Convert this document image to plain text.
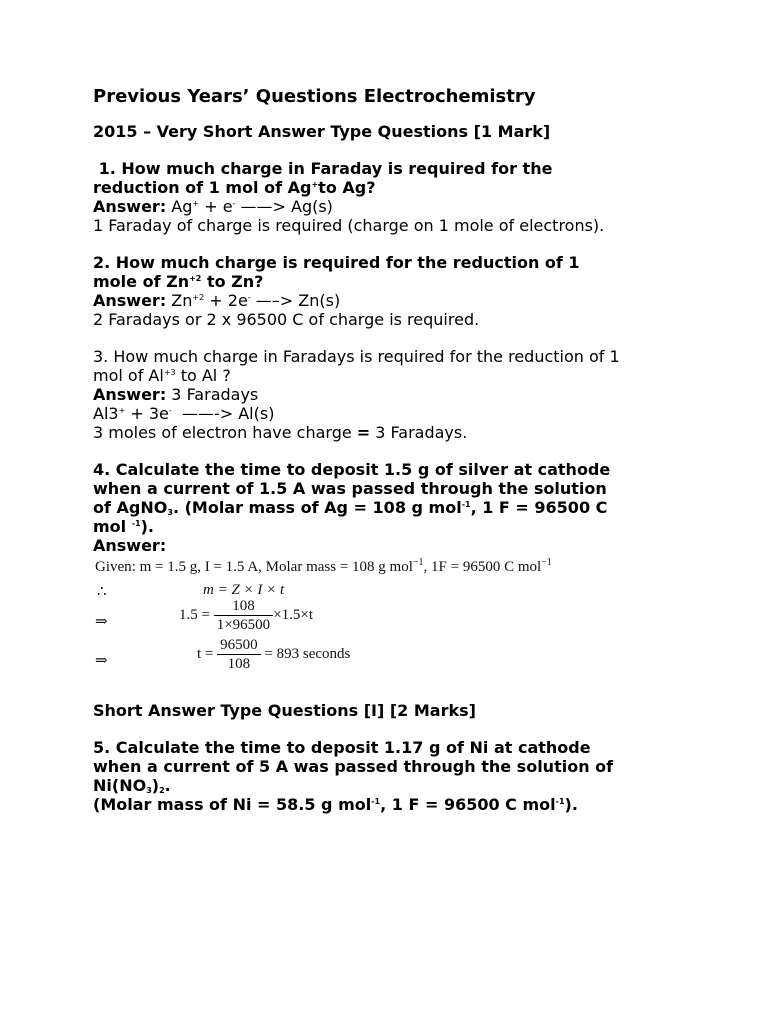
Previous Years’ Questions Electrochemistry
2015 – Very Short Answer Type Questions [1 Mark]
1. How much charge in Faraday is required for the
reduction of 1 mol of Ag+to Ag?
Answer: Ag+ + e- ——> Ag(s)
1 Faraday of charge is required (charge on 1 mole of electrons).
2. How much charge is required for the reduction of 1
mole of $Zn^{+2}$ to Zn?
Answer: $Zn^{+2} + 2e^-$ —–> Zn(s)
2 Faradays or 2 x 96500 C of charge is required.
3. How much charge in Faradays is required for the reduction of 1
mol of $Al^{+3}$ to Al ?
Answer: 3 Faradays
Al3+ + 3e-  ——-> Al(s)
3 moles of electron have charge = 3 Faradays.
4. Calculate the time to deposit 1.5 g of silver at cathode
when a current of 1.5 A was passed through the solution
of AgNO$_3$. (Molar mass of Ag = 108 g mol$^{-1}$, 1 F = 96500 C
mol $^{-1}$).
Answer:
Given: m = 1.5 g, I = 1.5 A, Molar mass = 108 g mol$^{-1}$, 1F = 96500 C mol$^{-1}$
∴	m = Z × I × t
⇒	$1.5 = \frac{108}{1\times 96500} \times 1.5\times t$
⇒	$t = \frac{96500}{108} = 893$ seconds
Short Answer Type Questions [I] [2 Marks]
5. Calculate the time to deposit 1.17 g of Ni at cathode
when a current of 5 A was passed through the solution of
$Ni(NO_3)_2$.
(Molar mass of Ni = 58.5 g mol$^{-1}$, 1 F = 96500 C mol$^{-1}$).
